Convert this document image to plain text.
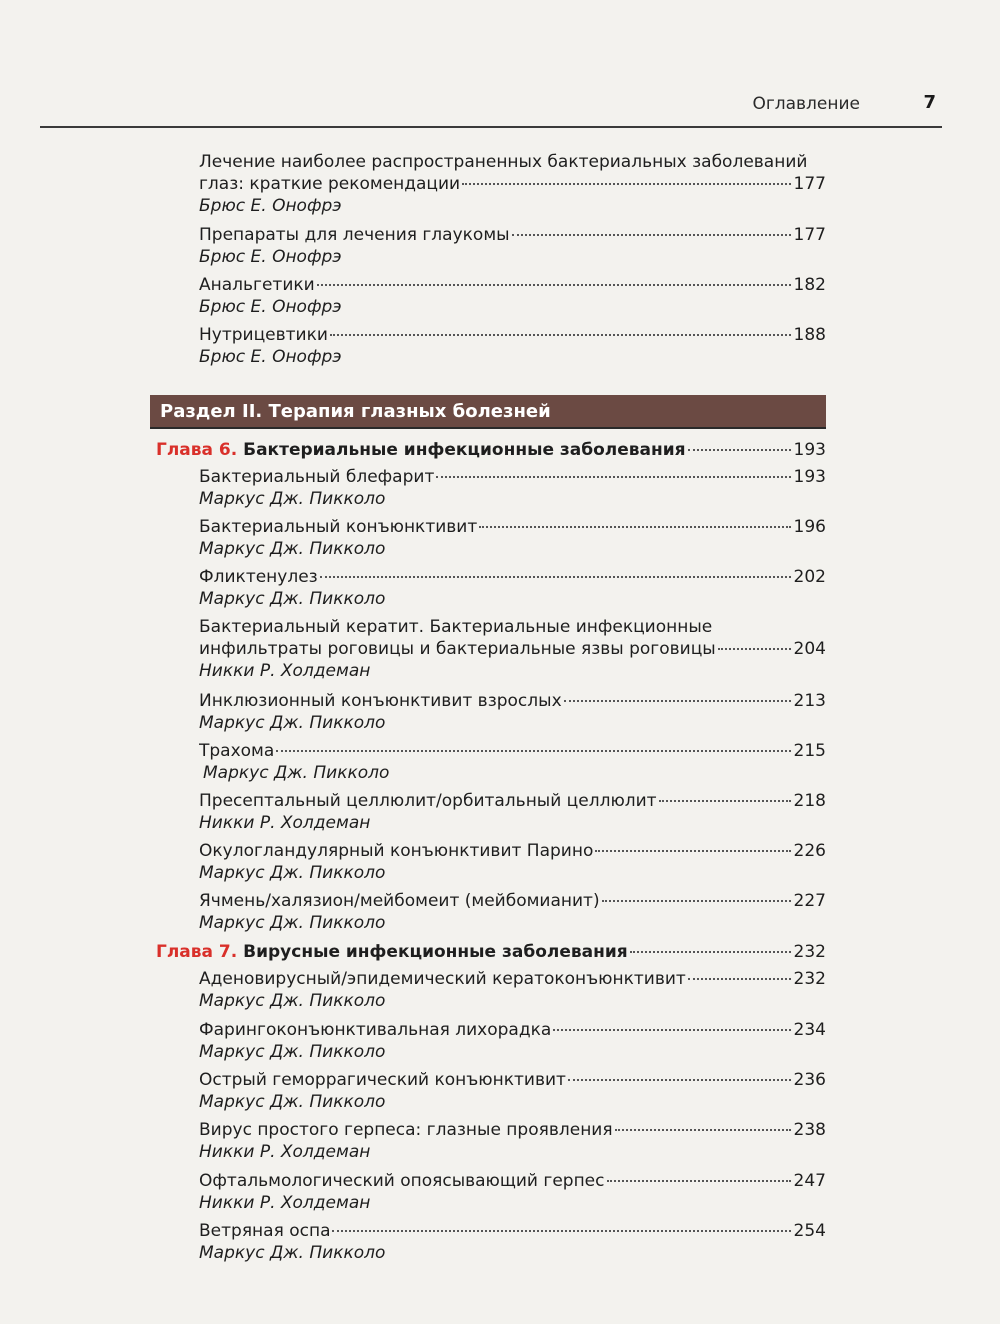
Оглавление	7
Лечение наиболее распространенных бактериальных заболеваний
глаз: краткие рекомендации	177
Брюс Е. Онофрэ
Препараты для лечения глаукомы	177
Брюс Е. Онофрэ
Анальгетики	182
Брюс Е. Онофрэ
Нутрицевтики	188
Брюс Е. Онофрэ
Раздел II. Терапия глазных болезней
Глава 6. Бактериальные инфекционные заболевания	193
Бактериальный блефарит	193
Маркус Дж. Пикколо
Бактериальный конъюнктивит	196
Маркус Дж. Пикколо
Фликтенулез	202
Маркус Дж. Пикколо
Бактериальный кератит. Бактериальные инфекционные
инфильтраты роговицы и бактериальные язвы роговицы	204
Никки Р. Холдеман
Инклюзионный конъюнктивит взрослых	213
Маркус Дж. Пикколо
Трахома	215
Маркус Дж. Пикколо
Пресептальный целлюлит/орбитальный целлюлит	218
Никки Р. Холдеман
Окулогландулярный конъюнктивит Парино	226
Маркус Дж. Пикколо
Ячмень/халязион/мейбомеит (мейбомианит)	227
Маркус Дж. Пикколо
Глава 7. Вирусные инфекционные заболевания	232
Аденовирусный/эпидемический кератоконъюнктивит	232
Маркус Дж. Пикколо
Фарингоконъюнктивальная лихорадка	234
Маркус Дж. Пикколо
Острый геморрагический конъюнктивит	236
Маркус Дж. Пикколо
Вирус простого герпеса: глазные проявления	238
Никки Р. Холдеман
Офтальмологический опоясывающий герпес	247
Никки Р. Холдеман
Ветряная оспа	254
Маркус Дж. Пикколо
